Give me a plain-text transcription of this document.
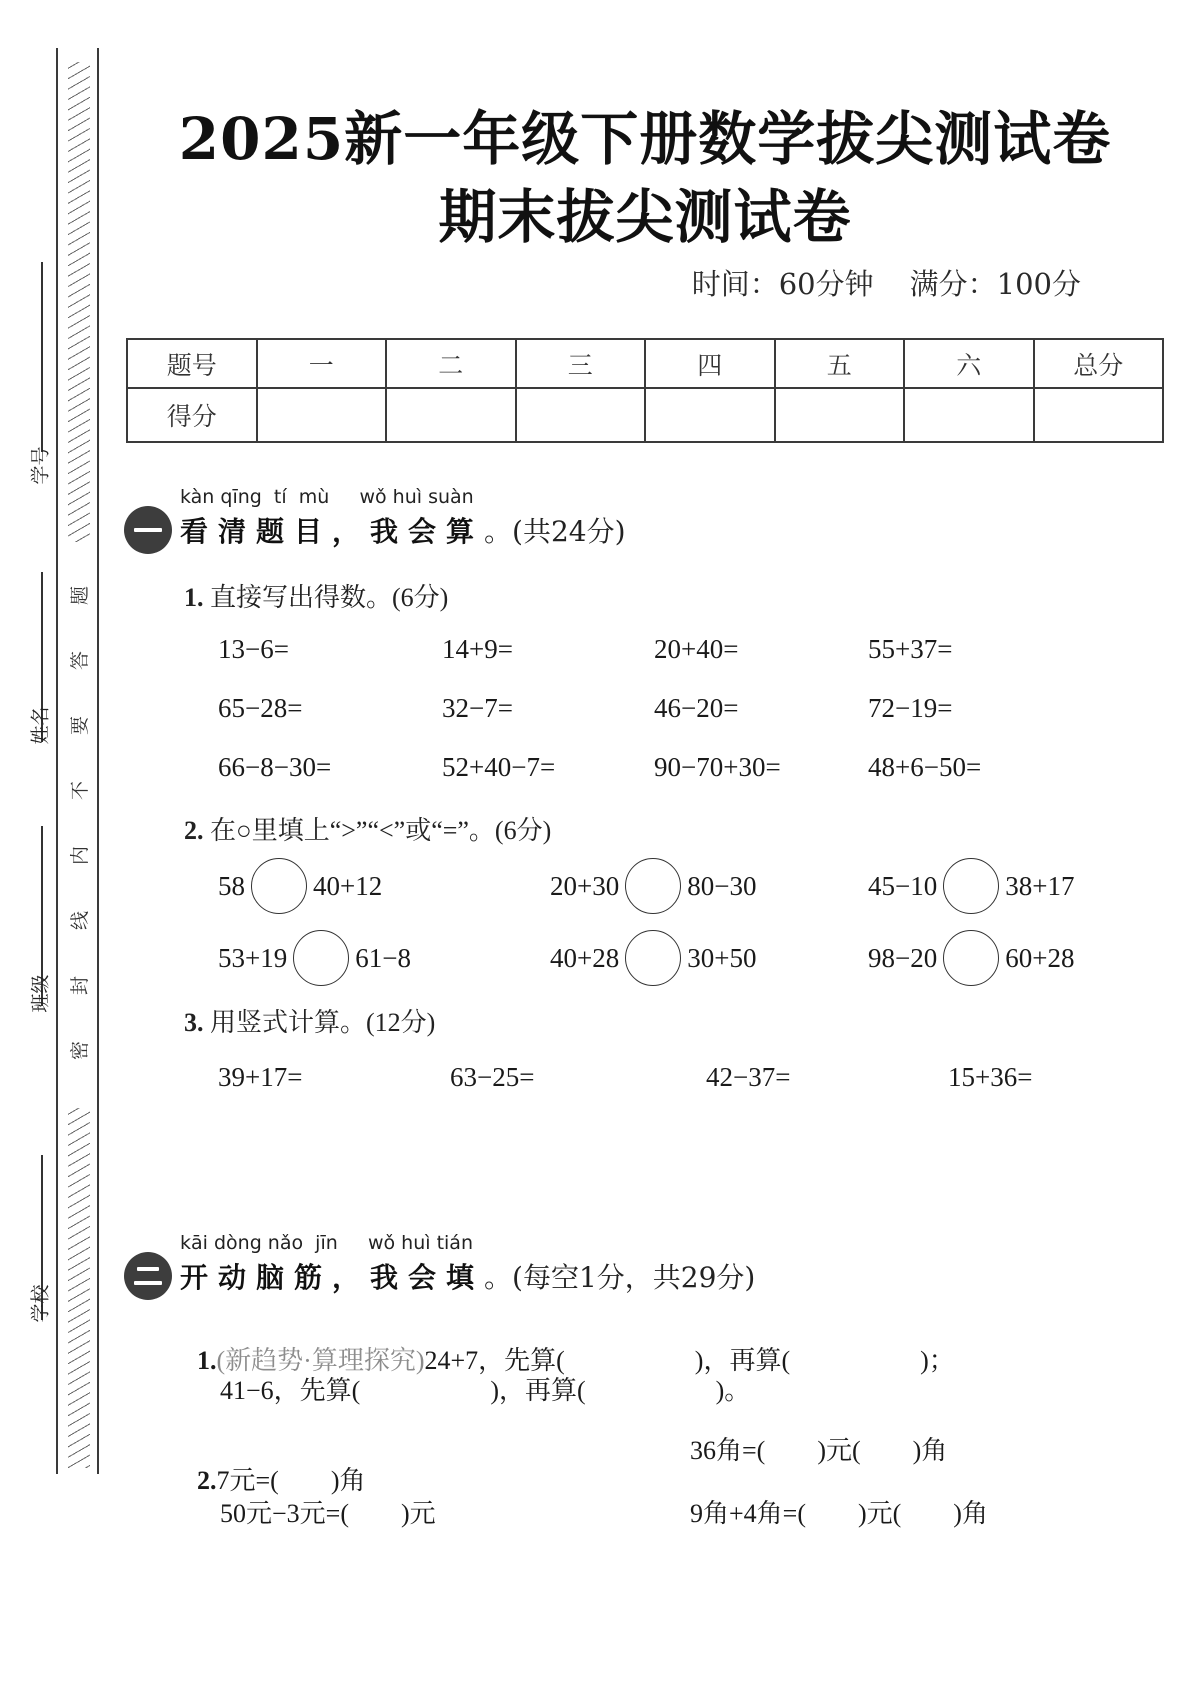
题
答
要
不
内
线
封
密
学号
姓名
班级
学校
2025新一年级下册数学拔尖测试卷
期末拔尖测试卷
时间：60分钟 满分：100分
题号	一	二	三	四	五	六	总分
得分							
kàn qīng  tí  mù     wǒ huì suàn
看清题目，我会算。(共24分)
1. 直接写出得数。(6分)
13−6=	14+9=	20+40=	55+37=
65−28=	32−7=	46−20=	72−19=
66−8−30=	52+40−7=	90−70+30=	48+6−50=
2. 在○里填上“>”“<”或“=”。(6分)
58	40+12	20+30	80−30	45−10	38+17
53+19	61−8	40+28	30+50	98−20	60+28
3. 用竖式计算。(12分)
39+17=	63−25=	42−37=	15+36=
kāi dòng nǎo  jīn     wǒ huì tián
开动脑筋，我会填。(每空1分，共29分)

1.(新趋势·算理探究)24+7，先算(                    )，再算(                    )；

41−6，先算(                    )，再算(                    )。

2.7元=(        )角

36角=(        )元(        )角
50元−3元=(        )元	9角+4角=(        )元(        )角
